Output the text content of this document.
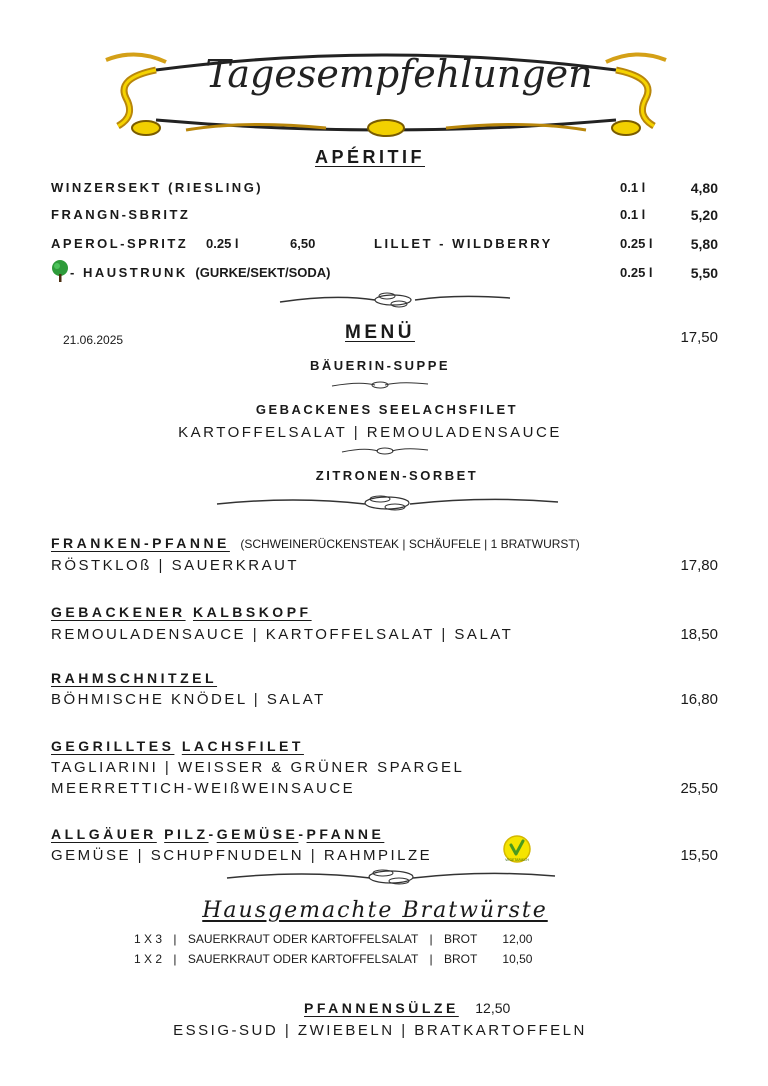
Tagesempfehlungen
APÉRITIF
WINZERSEKT (RIESLING)	0.1 l	4,80
FRANGN-SBRITZ	0.1 l	5,20
APEROL-SPRITZ 0.25 l	6,50	LILLET - WILDBERRY	0.25 l	5,80
- HAUSTRUNK (GURKE/SEKT/SODA)	0.25 l	5,50
21.06.2025	MENÜ	17,50
BÄUERIN-SUPPE
GEBACKENES SEELACHSFILET
KARTOFFELSALAT | REMOULADENSAUCE
ZITRONEN-SORBET
FRANKEN-PFANNE (SCHWEINERÜCKENSTEAK | SCHÄUFELE | 1 BRATWURST)
RÖSTKLOß | SAUERKRAUT	17,80
GEBACKENER KALBSKOPF
REMOULADENSAUCE | KARTOFFELSALAT | SALAT	18,50
RAHMSCHNITZEL
BÖHMISCHE KNÖDEL | SALAT	16,80
GEGRILLTES LACHSFILET
TAGLIARINI | WEISSER & GRÜNER SPARGEL
MEERRETTICH-WEIßWEINSAUCE	25,50
ALLGÄUER PILZ-GEMÜSE-PFANNE
GEMÜSE | SCHUPFNUDELN | RAHMPILZE	VEGETARISCH	15,50
Hausgemachte Bratwürste
1 X 3 | SAUERKRAUT ODER KARTOFFELSALAT | BROT 12,00
1 X 2 | SAUERKRAUT ODER KARTOFFELSALAT | BROT 10,50
PFANNENSÜLZE 12,50
ESSIG-SUD | ZWIEBELN | BRATKARTOFFELN
